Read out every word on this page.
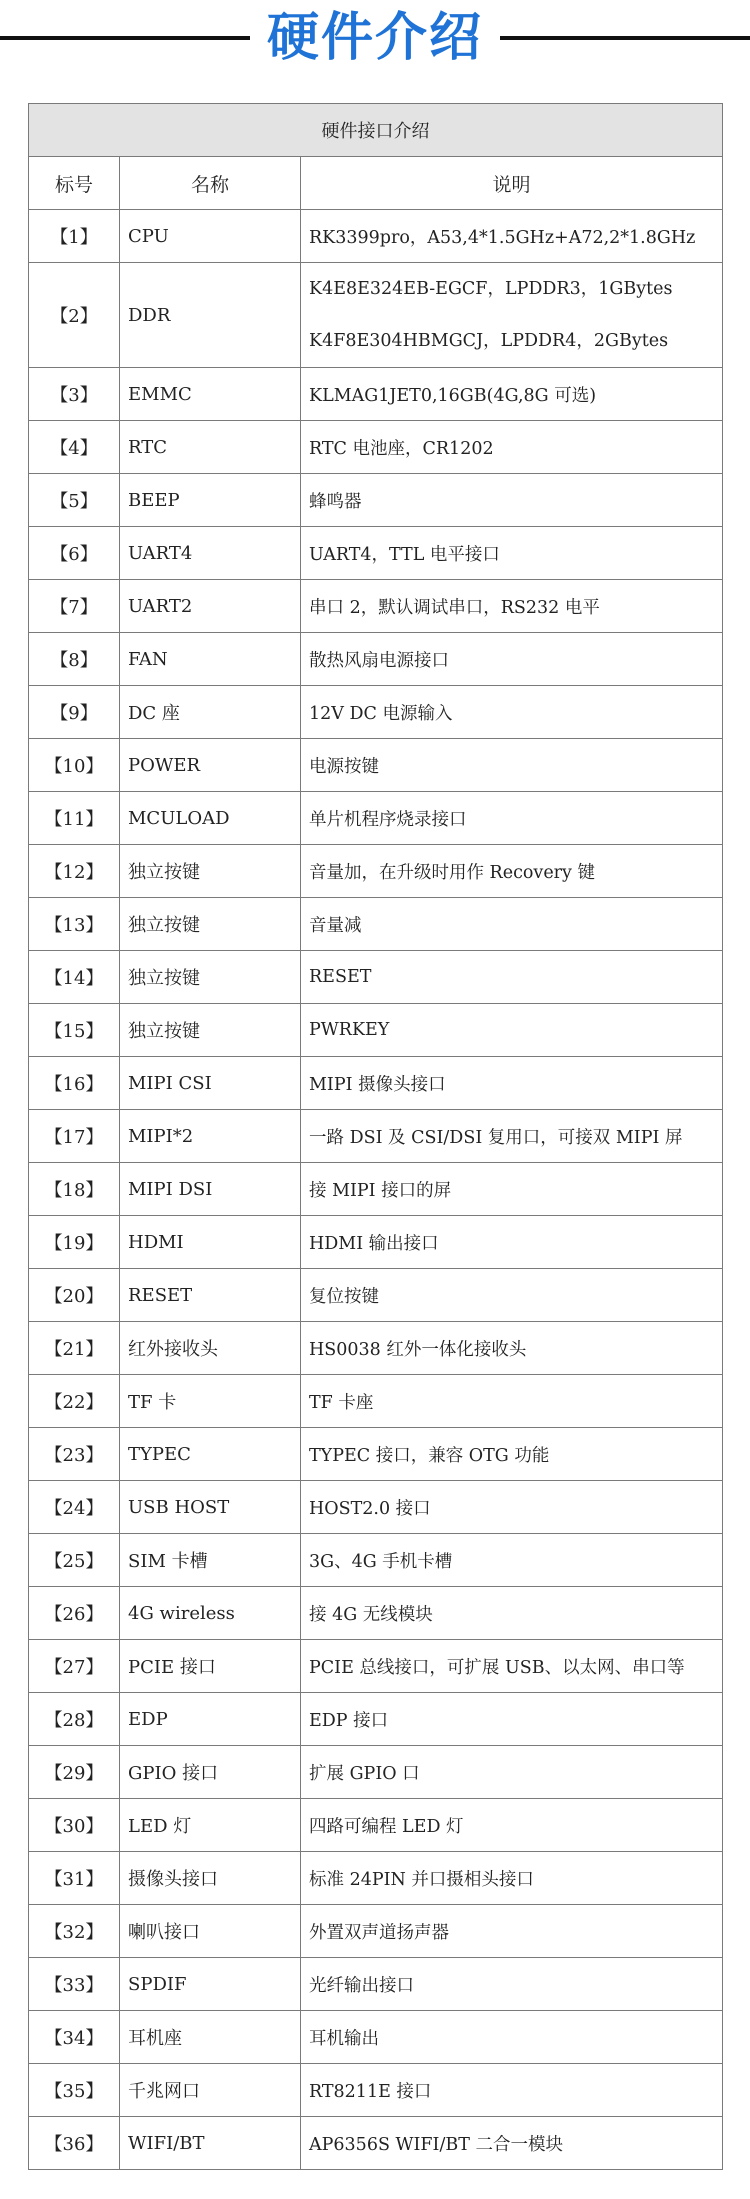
硬件介绍
硬件接口介绍		
标号	名称	说明
【1】	CPU	RK3399pro，A53,4*1.5GHz+A72,2*1.8GHz
【2】	DDR	K4E8E324EB-EGCF，LPDDR3，1GBytes
K4F8E304HBMGCJ，LPDDR4，2GBytes

【3】	EMMC	KLMAG1JET0,16GB(4G,8G 可选)
【4】	RTC	RTC 电池座，CR1202
【5】	BEEP	蜂鸣器
【6】	UART4	UART4，TTL 电平接口
【7】	UART2	串口 2，默认调试串口，RS232 电平
【8】	FAN	散热风扇电源接口
【9】	DC 座	12V DC 电源输入
【10】	POWER	电源按键
【11】	MCULOAD	单片机程序烧录接口
【12】	独立按键	音量加，在升级时用作 Recovery 键
【13】	独立按键	音量减
【14】	独立按键	RESET
【15】	独立按键	PWRKEY
【16】	MIPI CSI	MIPI 摄像头接口
【17】	MIPI*2	一路 DSI 及 CSI/DSI 复用口，可接双 MIPI 屏
【18】	MIPI DSI	接 MIPI 接口的屏
【19】	HDMI	HDMI 输出接口
【20】	RESET	复位按键
【21】	红外接收头	HS0038 红外一体化接收头
【22】	TF 卡	TF 卡座
【23】	TYPEC	TYPEC 接口，兼容 OTG 功能
【24】	USB HOST	HOST2.0 接口
【25】	SIM 卡槽	3G、4G 手机卡槽
【26】	4G wireless	接 4G 无线模块
【27】	PCIE 接口	PCIE 总线接口，可扩展 USB、以太网、串口等
【28】	EDP	EDP 接口
【29】	GPIO 接口	扩展 GPIO 口
【30】	LED 灯	四路可编程 LED 灯
【31】	摄像头接口	标准 24PIN 并口摄相头接口
【32】	喇叭接口	外置双声道扬声器
【33】	SPDIF	光纤输出接口
【34】	耳机座	耳机输出
【35】	千兆网口	RT8211E 接口
【36】	WIFI/BT	AP6356S WIFI/BT 二合一模块
